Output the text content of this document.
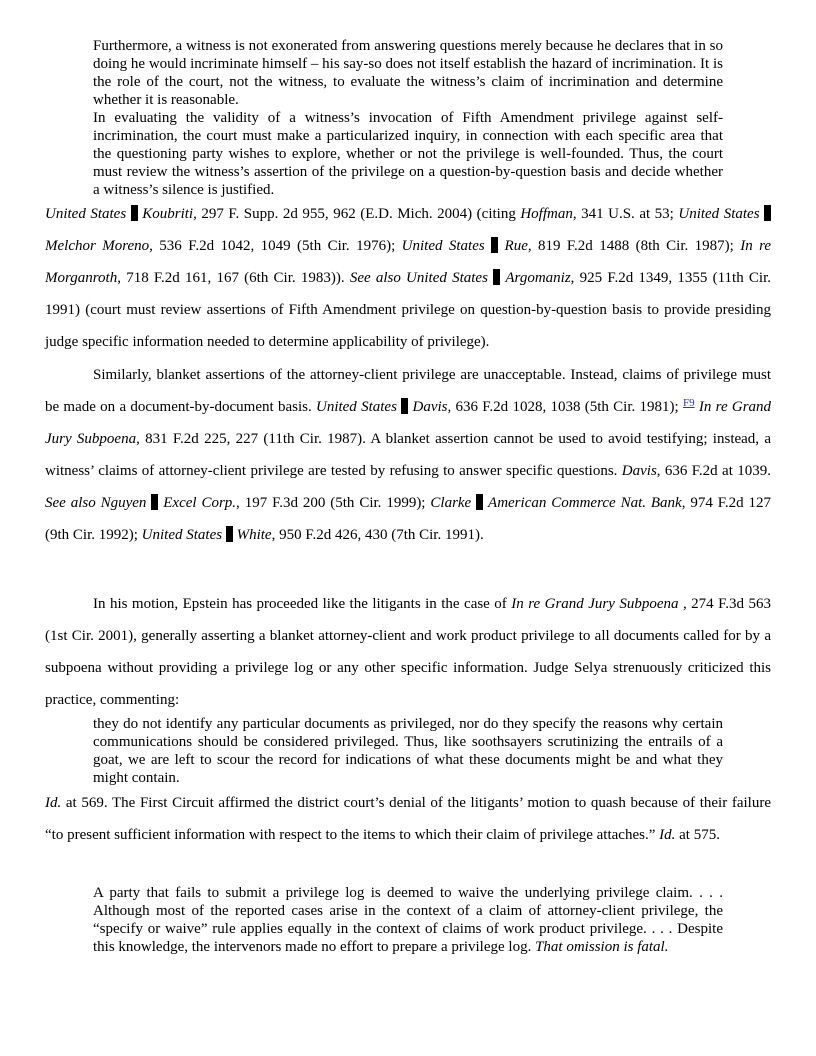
Furthermore, a witness is not exonerated from answering questions merely because he declares that in so doing he would incriminate himself – his say-so does not itself establish the hazard of incrimination. It is the role of the court, not the witness, to evaluate the witness’s claim of incrimination and determine whether it is reasonable.

In evaluating the validity of a witness’s invocation of Fifth Amendment privilege against self-incrimination, the court must make a particularized inquiry, in connection with each specific area that the questioning party wishes to explore, whether or not the privilege is well-founded. Thus, the court must review the witness’s assertion of the privilege on a question-by-question basis and decide whether a witness’s silence is justified.

United States Koubriti, 297 F. Supp. 2d 955, 962 (E.D. Mich. 2004) (citing Hoffman, 341 U.S. at 53; United States  Melchor Moreno, 536 F.2d 1042, 1049 (5th Cir. 1976); United States Rue, 819 F.2d 1488 (8th Cir. 1987); In re Morganroth, 718 F.2d 161, 167 (6th Cir. 1983)). See also United States Argomaniz, 925 F.2d 1349, 1355 (11th Cir. 1991) (court must review assertions of Fifth Amendment privilege on question-by-question basis to provide presiding judge specific information needed to determine applicability of privilege).

Similarly, blanket assertions of the attorney-client privilege are unacceptable. Instead, claims of privilege must be made on a document-by-document basis. United States Davis, 636 F.2d 1028, 1038 (5th Cir. 1981); $^{F9}$ In re Grand Jury Subpoena, 831 F.2d 225, 227 (11th Cir. 1987). A blanket assertion cannot be used to avoid testifying; instead, a witness’ claims of attorney-client privilege are tested by refusing to answer specific questions. Davis, 636 F.2d at 1039. See also Nguyen Excel Corp., 197 F.3d 200 (5th Cir. 1999); Clarke American Commerce Nat. Bank, 974 F.2d 127 (9th Cir. 1992); United States White, 950 F.2d 426, 430 (7th Cir. 1991).

In his motion, Epstein has proceeded like the litigants in the case of In re Grand Jury Subpoena , 274 F.3d 563 (1st Cir. 2001), generally asserting a blanket attorney-client and work product privilege to all documents called for by a subpoena without providing a privilege log or any other specific information. Judge Selya strenuously criticized this practice, commenting:

they do not identify any particular documents as privileged, nor do they specify the reasons why certain communications should be considered privileged. Thus, like soothsayers scrutinizing the entrails of a goat, we are left to scour the record for indications of what these documents might be and what they might contain.

Id. at 569. The First Circuit affirmed the district court’s denial of the litigants’ motion to quash because of their failure “to present sufficient information with respect to the items to which their claim of privilege attaches.” Id. at 575.

A party that fails to submit a privilege log is deemed to waive the underlying privilege claim. . . . Although most of the reported cases arise in the context of a claim of attorney-client privilege, the “specify or waive” rule applies equally in the context of claims of work product privilege. . . . Despite this knowledge, the intervenors made no effort to prepare a privilege log. That omission is fatal.
